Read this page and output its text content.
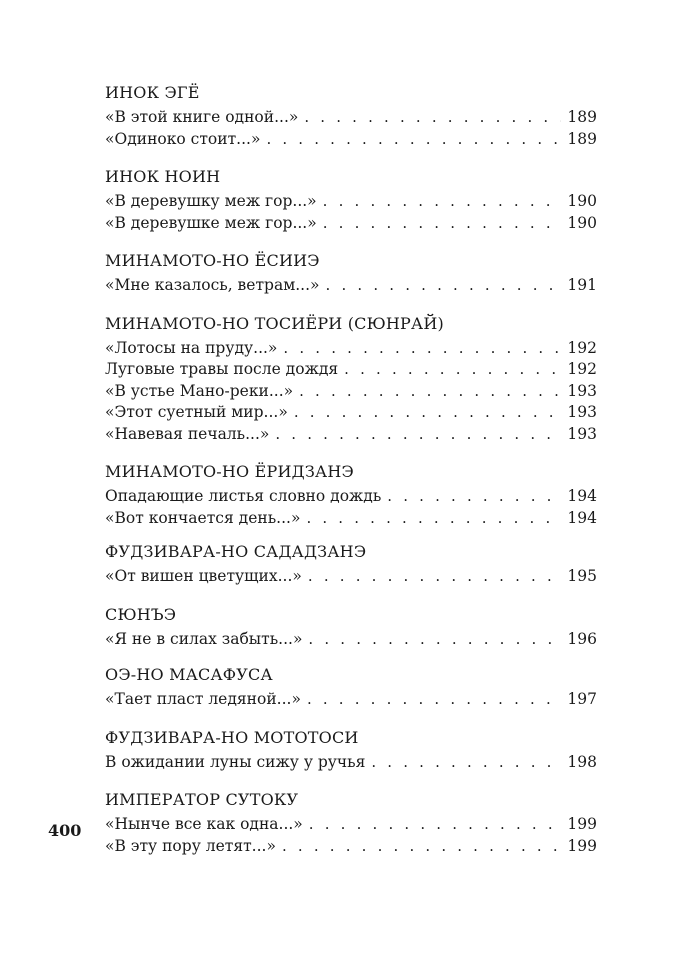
ИНОК ЭГЁ
«В этой книге одной...» . . .	189
«Одиноко стоит...» . . .	189
ИНОК НОИН
«В деревушку меж гор...» . . .	190
«В деревушке меж гор...» . . .	190
МИНАМОТО-НО ЁСИИЭ
«Мне казалось, ветрам...» . . .	191
МИНАМОТО-НО ТОСИЁРИ (СЮНРАЙ)
«Лотосы на пруду...» . . .	192
Луговые травы после дождя . . .	192
«В устье Мано-реки...» . . .	193
«Этот суетный мир...» . . .	193
«Навевая печаль...» . . .	193
МИНАМОТО-НО ЁРИДЗАНЭ
Опадающие листья словно дождь . . .	194
«Вот кончается день...» . . .	194
ФУДЗИВАРА-НО САДАДЗАНЭ
«От вишен цветущих...» . . .	195
СЮНЪЭ
«Я не в силах забыть...» . . .	196
ОЭ-НО МАСАФУСА
«Тает пласт ледяной...» . . .	197
ФУДЗИВАРА-НО МОТОТОСИ
В ожидании луны сижу у ручья . . .	198
ИМПЕРАТОР СУТОКУ
«Нынче все как одна...» . . .	199
«В эту пору летят...» . . .	199
400
